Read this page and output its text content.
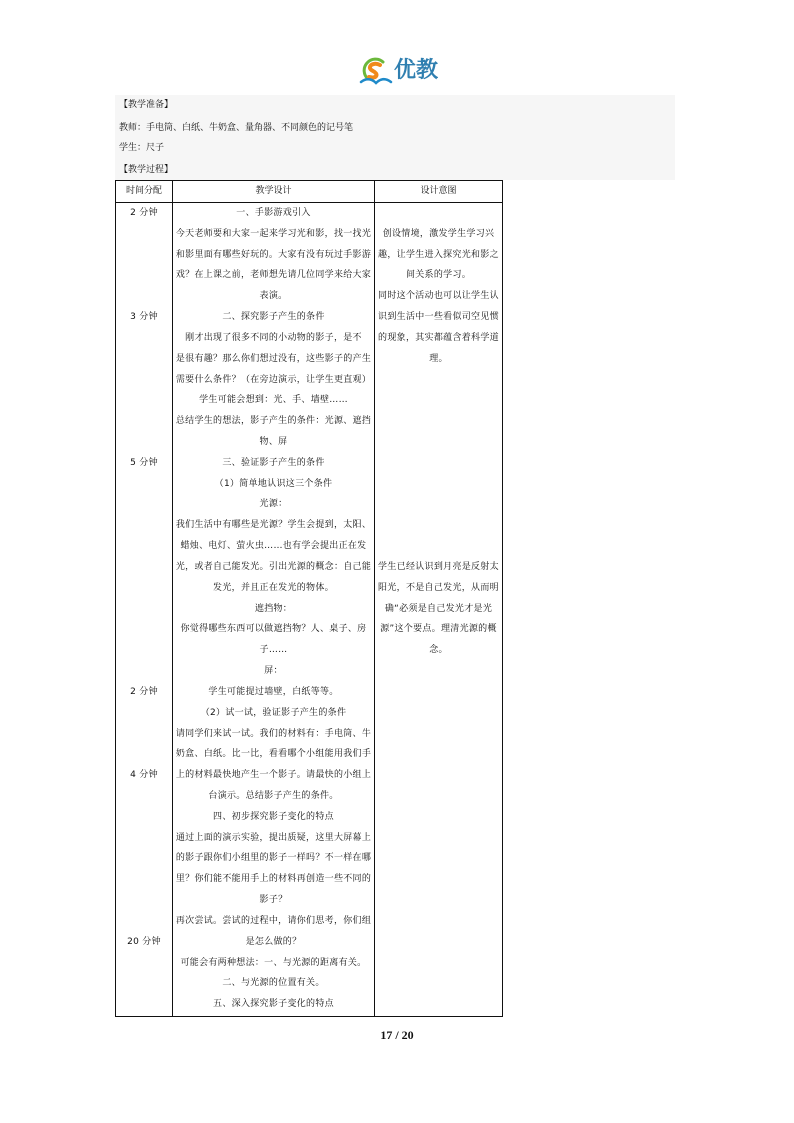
优教
【教学准备】
教师：手电筒、白纸、牛奶盒、量角器、不同颜色的记号笔
学生：尺子
【教学过程】
时间分配	教学设计	设计意图
2 分钟
3 分钟
5 分钟
2 分钟
4 分钟
20 分钟
一、手影游戏引入
今天老师要和大家一起来学习光和影，找一找光
和影里面有哪些好玩的。大家有没有玩过手影游
戏？在上课之前，老师想先请几位同学来给大家
表演。
二、探究影子产生的条件
刚才出现了很多不同的小动物的影子，是不
是很有趣？那么你们想过没有，这些影子的产生
需要什么条件？（在旁边演示，让学生更直观）
学生可能会想到：光、手、墙壁……
总结学生的想法，影子产生的条件：光源、遮挡
物、屏
三、验证影子产生的条件
（1）简单地认识这三个条件
光源：
我们生活中有哪些是光源？学生会提到，太阳、
蜡烛、电灯、萤火虫……也有学会提出正在发
光，或者自己能发光。引出光源的概念：自己能
发光，并且正在发光的物体。
遮挡物：
你觉得哪些东西可以做遮挡物？人、桌子、房
子……
屏：
学生可能提过墙壁，白纸等等。
（2）试一试，验证影子产生的条件
请同学们来试一试。我们的材料有：手电筒、牛
奶盒、白纸。比一比，看看哪个小组能用我们手
上的材料最快地产生一个影子。请最快的小组上
台演示。总结影子产生的条件。
四、初步探究影子变化的特点
通过上面的演示实验，提出质疑，这里大屏幕上
的影子跟你们小组里的影子一样吗？不一样在哪
里？你们能不能用手上的材料再创造一些不同的
影子？
再次尝试。尝试的过程中，请你们思考，你们组
是怎么做的？
可能会有两种想法：一、与光源的距离有关。
二、与光源的位置有关。
五、深入探究影子变化的特点
创设情境，激发学生学习兴
趣，让学生进入探究光和影之
间关系的学习。
同时这个活动也可以让学生认
识到生活中一些看似司空见惯
的现象，其实都蕴含着科学道
理。
学生已经认识到月亮是反射太
阳光，不是自己发光，从而明
确“必须是自己发光才是光
源”这个要点。理清光源的概
念。
17 / 20
